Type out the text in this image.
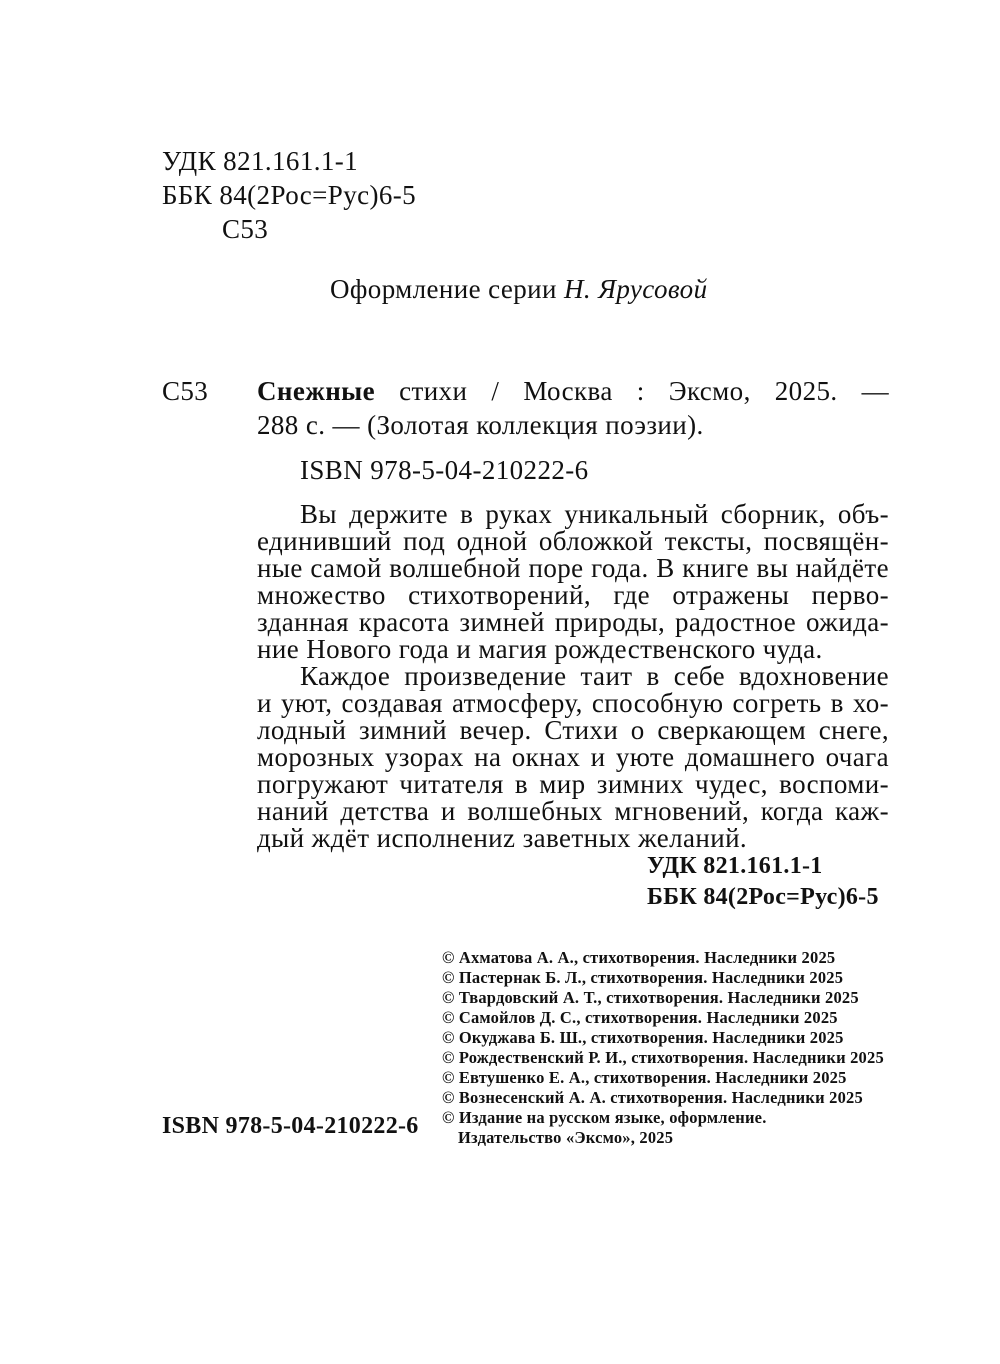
УДК 821.161.1-1
ББК 84(2Рос=Рус)6-5
С53
Оформление серии Н. Ярусовой
С53 Снежные стихи / Москва : Эксмо, 2025. —
288 с. — (Золотая коллекция поэзии).
ISBN 978-5-04-210222-6
Вы держите в руках уникальный сборник, объ-
единивший под одной обложкой тексты, посвящён-
ные самой волшебной поре года. В книге вы найдёте
множество стихотворений, где отражены перво-
зданная красота зимней природы, радостное ожида-
ние Нового года и магия рождественского чуда.
Каждое произведение таит в себе вдохновение
и уют, создавая атмосферу, способную согреть в хо-
лодный зимний вечер. Стихи о сверкающем снеге,
морозных узорах на окнах и уюте домашнего очага
погружают читателя в мир зимних чудес, воспоми-
наний детства и волшебных мгновений, когда каж-
дый ждёт исполнениz заветных желаний.
УДК 821.161.1-1
ББК 84(2Рос=Рус)6-5
© Ахматова А. А., стихотворения. Наследники 2025
© Пастернак Б. Л., стихотворения. Наследники 2025
© Твардовский А. Т., стихотворения. Наследники 2025
© Самойлов Д. С., стихотворения. Наследники 2025
© Окуджава Б. Ш., стихотворения. Наследники 2025
© Рождественский Р. И., стихотворения. Наследники 2025
© Евтушенко Е. А., стихотворения. Наследники 2025
© Вознесенский А. А. стихотворения. Наследники 2025
© Издание на русском языке, оформление.
Издательство «Эксмо», 2025
ISBN 978-5-04-210222-6
